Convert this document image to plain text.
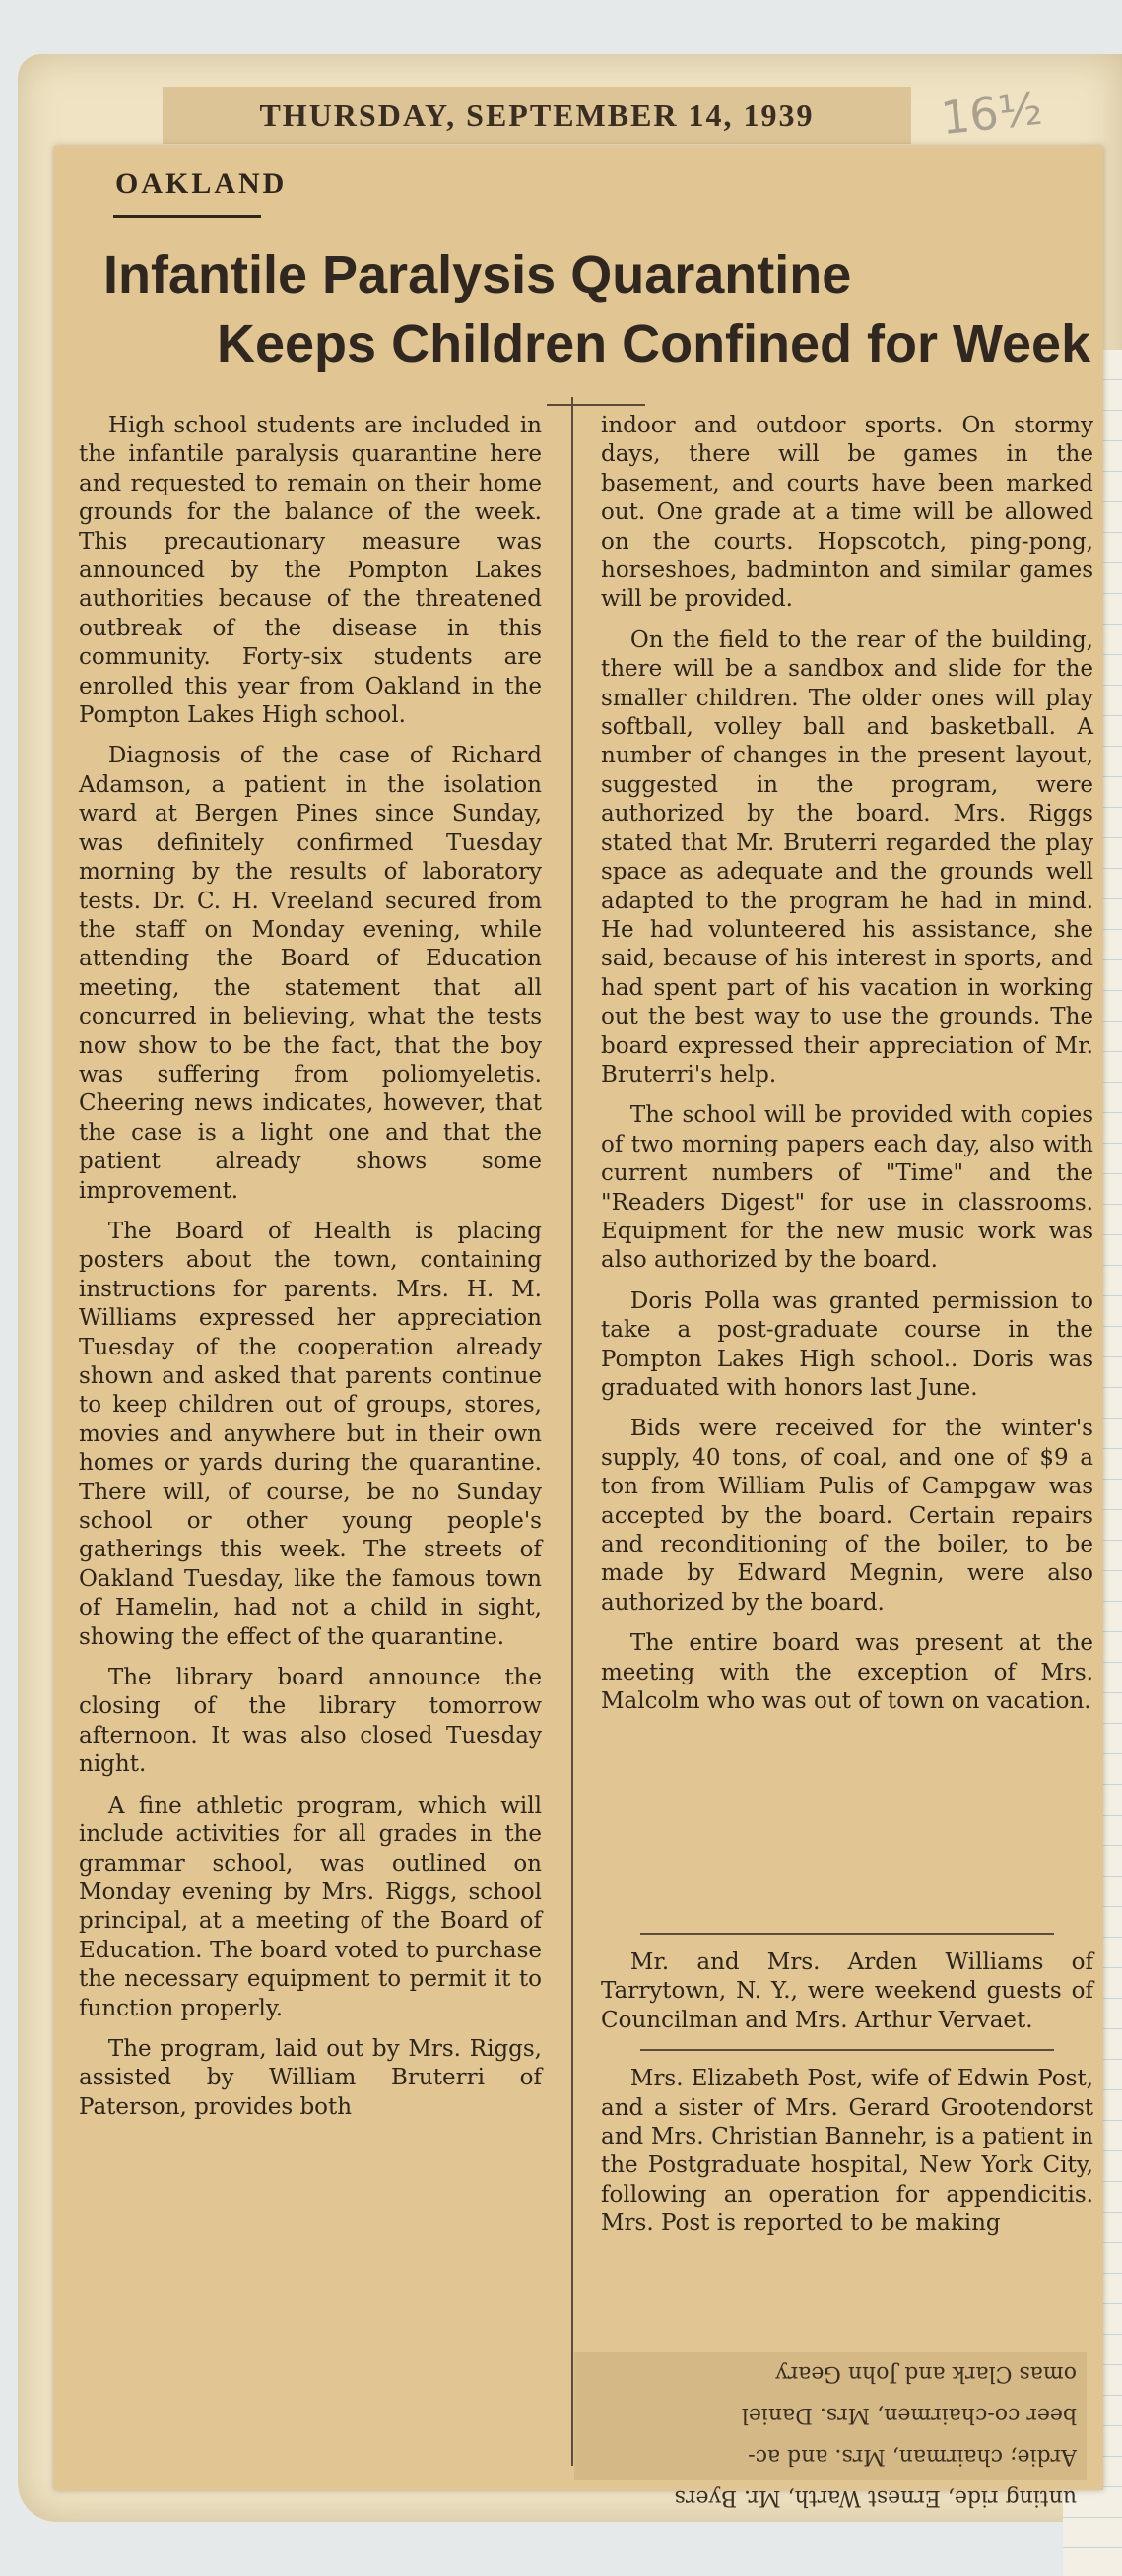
THURSDAY, SEPTEMBER 14, 1939	16½
OAKLAND
Infantile Paralysis Quarantine
Keeps Children Confined for Week

High school students are included in the infantile paralysis quarantine here and requested to remain on their home grounds for the balance of the week. This precautionary measure was announced by the Pompton Lakes authorities because of the threatened outbreak of the disease in this community. Forty-six students are enrolled this year from Oakland in the Pompton Lakes High school.

Diagnosis of the case of Richard Adamson, a patient in the isolation ward at Bergen Pines since Sunday, was definitely confirmed Tuesday morning by the results of laboratory tests. Dr. C. H. Vreeland secured from the staff on Monday evening, while attending the Board of Education meeting, the statement that all concurred in believing, what the tests now show to be the fact, that the boy was suffering from poliomyeletis. Cheering news indicates, however, that the case is a light one and that the patient already shows some improvement.

The Board of Health is placing posters about the town, containing instructions for parents. Mrs. H. M. Williams expressed her appreciation Tuesday of the cooperation already shown and asked that parents continue to keep children out of groups, stores, movies and anywhere but in their own homes or yards during the quarantine. There will, of course, be no Sunday school or other young people's gatherings this week. The streets of Oakland Tuesday, like the famous town of Hamelin, had not a child in sight, showing the effect of the quarantine.

The library board announce the closing of the library tomorrow afternoon. It was also closed Tuesday night.

A fine athletic program, which will include activities for all grades in the grammar school, was outlined on Monday evening by Mrs. Riggs, school principal, at a meeting of the Board of Education. The board voted to purchase the necessary equipment to permit it to function properly.

The program, laid out by Mrs. Riggs, assisted by William Bruterri of Paterson, provides both

indoor and outdoor sports. On stormy days, there will be games in the basement, and courts have been marked out. One grade at a time will be allowed on the courts. Hopscotch, ping-pong, horseshoes, badminton and similar games will be provided.

On the field to the rear of the building, there will be a sandbox and slide for the smaller children. The older ones will play softball, volley ball and basketball. A number of changes in the present layout, suggested in the program, were authorized by the board. Mrs. Riggs stated that Mr. Bruterri regarded the play space as adequate and the grounds well adapted to the program he had in mind. He had volunteered his assistance, she said, because of his interest in sports, and had spent part of his vacation in working out the best way to use the grounds. The board expressed their appreciation of Mr. Bruterri's help.

The school will be provided with copies of two morning papers each day, also with current numbers of "Time" and the "Readers Digest" for use in classrooms. Equipment for the new music work was also authorized by the board.

Doris Polla was granted permission to take a post-graduate course in the Pompton Lakes High school.. Doris was graduated with honors last June.

Bids were received for the winter's supply, 40 tons, of coal, and one of $9 a ton from William Pulis of Campgaw was accepted by the board. Certain repairs and reconditioning of the boiler, to be made by Edward Megnin, were also authorized by the board.

The entire board was present at the meeting with the exception of Mrs. Malcolm who was out of town on vacation.

Mr. and Mrs. Arden Williams of Tarrytown, N. Y., were weekend guests of Councilman and Mrs. Arthur Vervaet.

Mrs. Elizabeth Post, wife of Edwin Post, and a sister of Mrs. Gerard Grootendorst and Mrs. Christian Bannehr, is a patient in the Postgraduate hospital, New York City, following an operation for appendicitis. Mrs. Post is reported to be making

omas Clark and John Geary
beer co-chairmen, Mrs. Daniel
Ardie; chairman, Mrs. and ac-
unting ride, Ernest Warth, Mr. Byers
